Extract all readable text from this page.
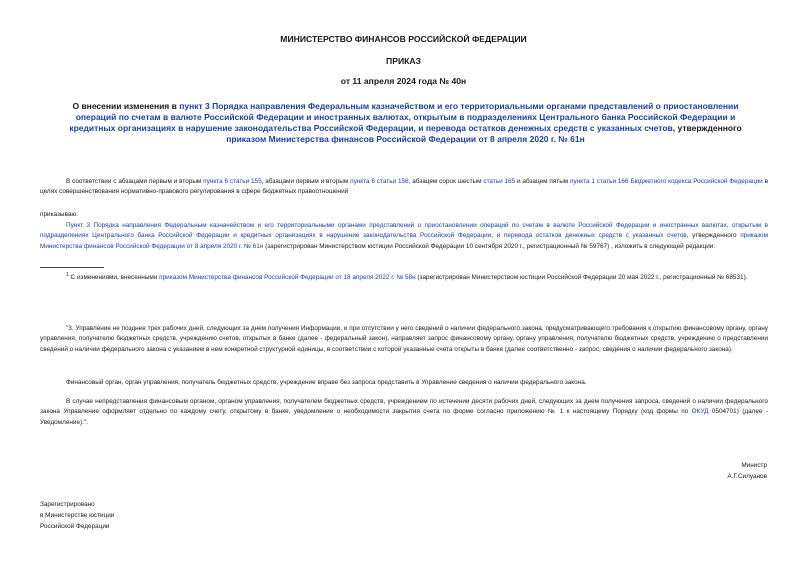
МИНИСТЕРСТВО ФИНАНСОВ РОССИЙСКОЙ ФЕДЕРАЦИИ
ПРИКАЗ
от 11 апреля 2024 года № 40н
О внесении изменения в пункт 3 Порядка направления Федеральным казначейством и его территориальными органами представлений о приостановлении операций по счетам в валюте Российской Федерации и иностранных валютах, открытым в подразделениях Центрального банка Российской Федерации и кредитных организациях в нарушение законодательства Российской Федерации, и перевода остатков денежных средств с указанных счетов, утвержденного приказом Министерства финансов Российской Федерации от 8 апреля 2020 г. № 61н
В соответствии с абзацами первым и вторым пункта 6 статьи 155, абзацами первым и вторым пункта 6 статьи 156, абзацем сорок шестым статьи 165 и абзацем пятым пункта 1 статьи 166 Бюджетного кодекса Российской Федерации в целях совершенствования нормативно-правового регулирования в сфере бюджетных правоотношений
приказываю:
Пункт 3 Порядка направления Федеральным казначейством и его территориальными органами представлений о приостановлении операций по счетам в валюте Российской Федерации и иностранных валютах, открытым в подразделениях Центрального банка Российской Федерации и кредитных организациях в нарушение законодательства Российской Федерации, и перевода остатков денежных средств с указанных счетов, утвержденного приказом Министерства финансов Российской Федерации от 8 апреля 2020 г. № 61н (зарегистрирован Министерством юстиции Российской Федерации 10 сентября 2020 г., регистрационный № 59767) , изложить в следующей редакции:
$^1$ С изменениями, внесенными приказом Министерства финансов Российской Федерации от 18 апреля 2022 г. № 58н (зарегистрирован Министерством юстиции Российской Федерации 20 мая 2022 г., регистрационный № 68531).
"3. Управление не позднее трех рабочих дней, следующих за днем получения Информации, и при отсутствии у него сведений о наличии федерального закона, предусматривающего требования к открытию финансовому органу, органу управления, получателю бюджетных средств, учреждению счетов, открытых в банке (далее - федеральный закон), направляет запрос финансовому органу, органу управления, получателю бюджетных средств, учреждению о представлении сведений о наличии федерального закона с указанием в нем конкретной структурной единицы, в соответствии с которой указанные счета открыты в банке (далее соответственно - запрос, сведения о наличии федерального закона).
Финансовый орган, орган управления, получатель бюджетных средств, учреждение вправе без запроса представить в Управление сведения о наличии федерального закона.
В случае непредставления финансовым органом, органом управления, получателем бюджетных средств, учреждением по истечении десяти рабочих дней, следующих за днем получения запроса, сведений о наличии федерального закона Управление оформляет отдельно по каждому счету, открытому в банке, уведомление о необходимости закрытия счета по форме согласно приложению № 1 к настоящему Порядку (код формы по ОКУД 0504701) (далее - Уведомление).".
Министр
А.Г.Силуанов
Зарегистрировано
в Министерстве юстиции
Российской Федерации
